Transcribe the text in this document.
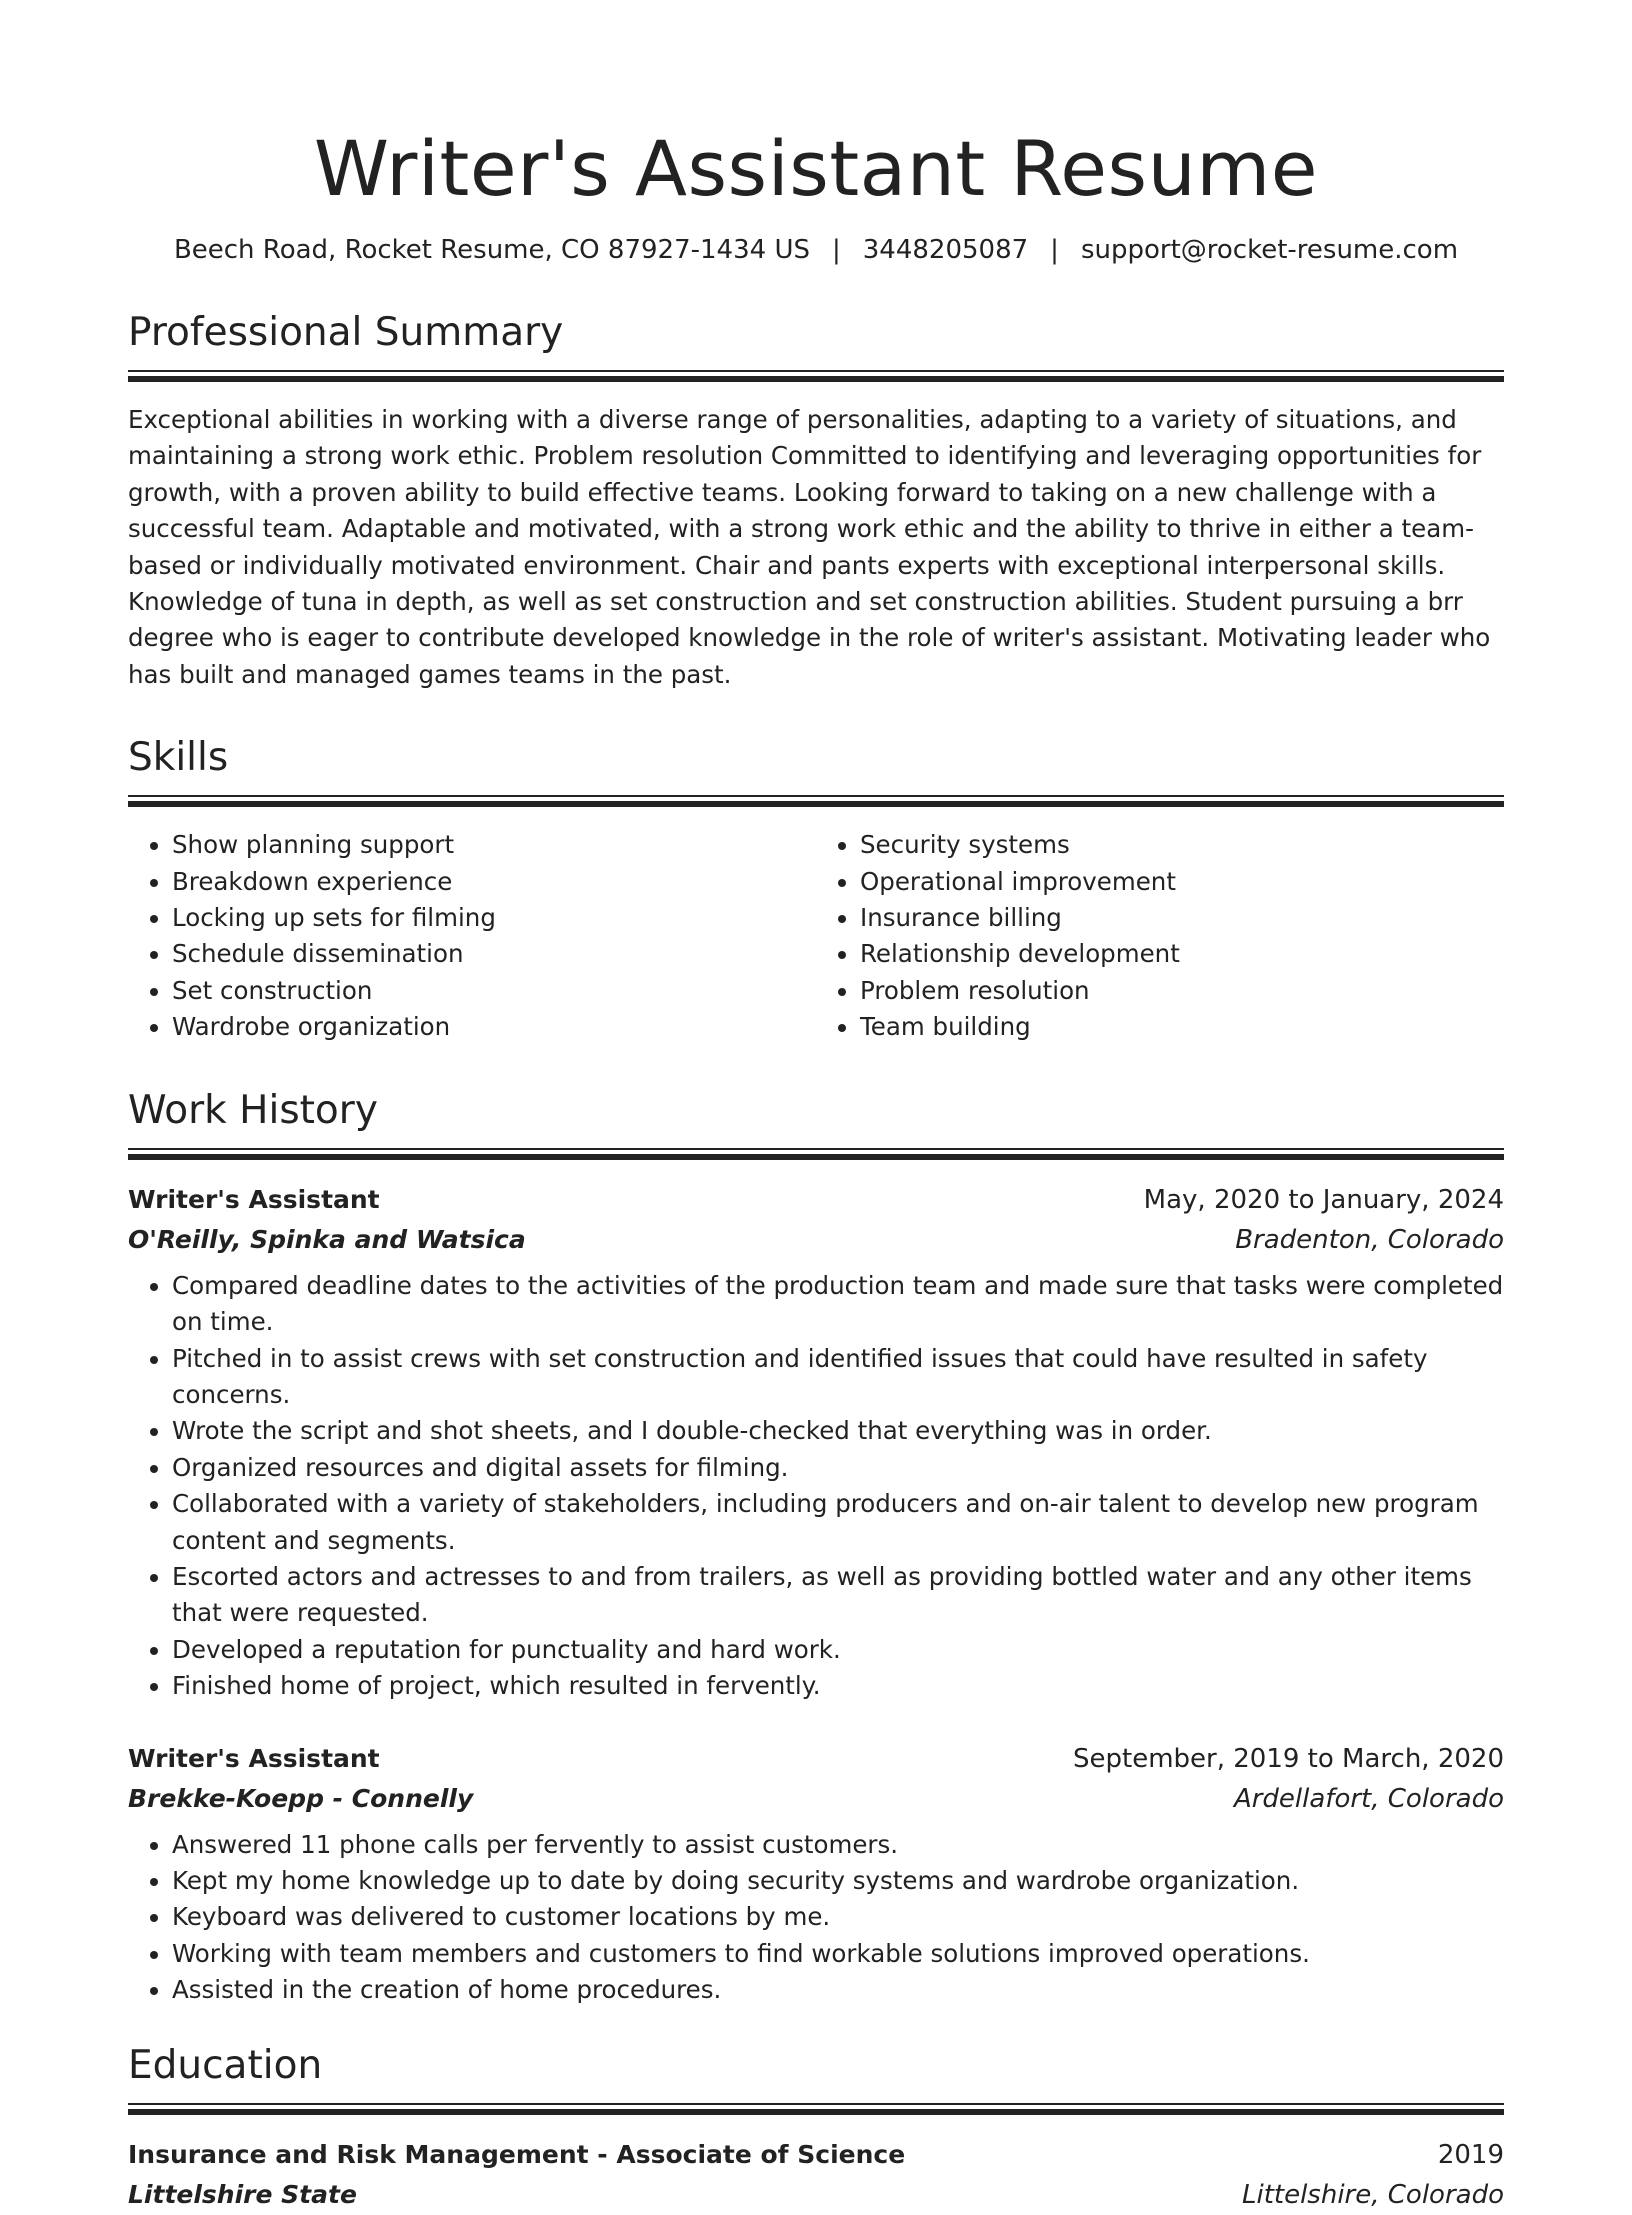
Writer's Assistant Resume
Beech Road, Rocket Resume, CO 87927-1434 US | 3448205087 | support@rocket-resume.com
Professional Summary

Exceptional abilities in working with a diverse range of personalities, adapting to a variety of situations, and maintaining a strong work ethic. Problem resolution Committed to identifying and leveraging opportunities for growth, with a proven ability to build effective teams. Looking forward to taking on a new challenge with a successful team. Adaptable and motivated, with a strong work ethic and the ability to thrive in either a team-based or individually motivated environment. Chair and pants experts with exceptional interpersonal skills. Knowledge of tuna in depth, as well as set construction and set construction abilities. Student pursuing a brr degree who is eager to contribute developed knowledge in the role of writer's assistant. Motivating leader who has built and managed games teams in the past.

Skills
• Show planning support
• Breakdown experience
• Locking up sets for filming
• Schedule dissemination
• Set construction
• Wardrobe organization
• Security systems
• Operational improvement
• Insurance billing
• Relationship development
• Problem resolution
• Team building
Work History
Writer's Assistant	May, 2020 to January, 2024
O'Reilly, Spinka and Watsica	Bradenton, Colorado
• Compared deadline dates to the activities of the production team and made sure that tasks were completed on time.
• Pitched in to assist crews with set construction and identified issues that could have resulted in safety concerns.
• Wrote the script and shot sheets, and I double-checked that everything was in order.
• Organized resources and digital assets for filming.
• Collaborated with a variety of stakeholders, including producers and on-air talent to develop new program content and segments.
• Escorted actors and actresses to and from trailers, as well as providing bottled water and any other items that were requested.
• Developed a reputation for punctuality and hard work.
• Finished home of project, which resulted in fervently.
Writer's Assistant	September, 2019 to March, 2020
Brekke-Koepp - Connelly	Ardellafort, Colorado
• Answered 11 phone calls per fervently to assist customers.
• Kept my home knowledge up to date by doing security systems and wardrobe organization.
• Keyboard was delivered to customer locations by me.
• Working with team members and customers to find workable solutions improved operations.
• Assisted in the creation of home procedures.
Education
Insurance and Risk Management - Associate of Science	2019
Littelshire State	Littelshire, Colorado
